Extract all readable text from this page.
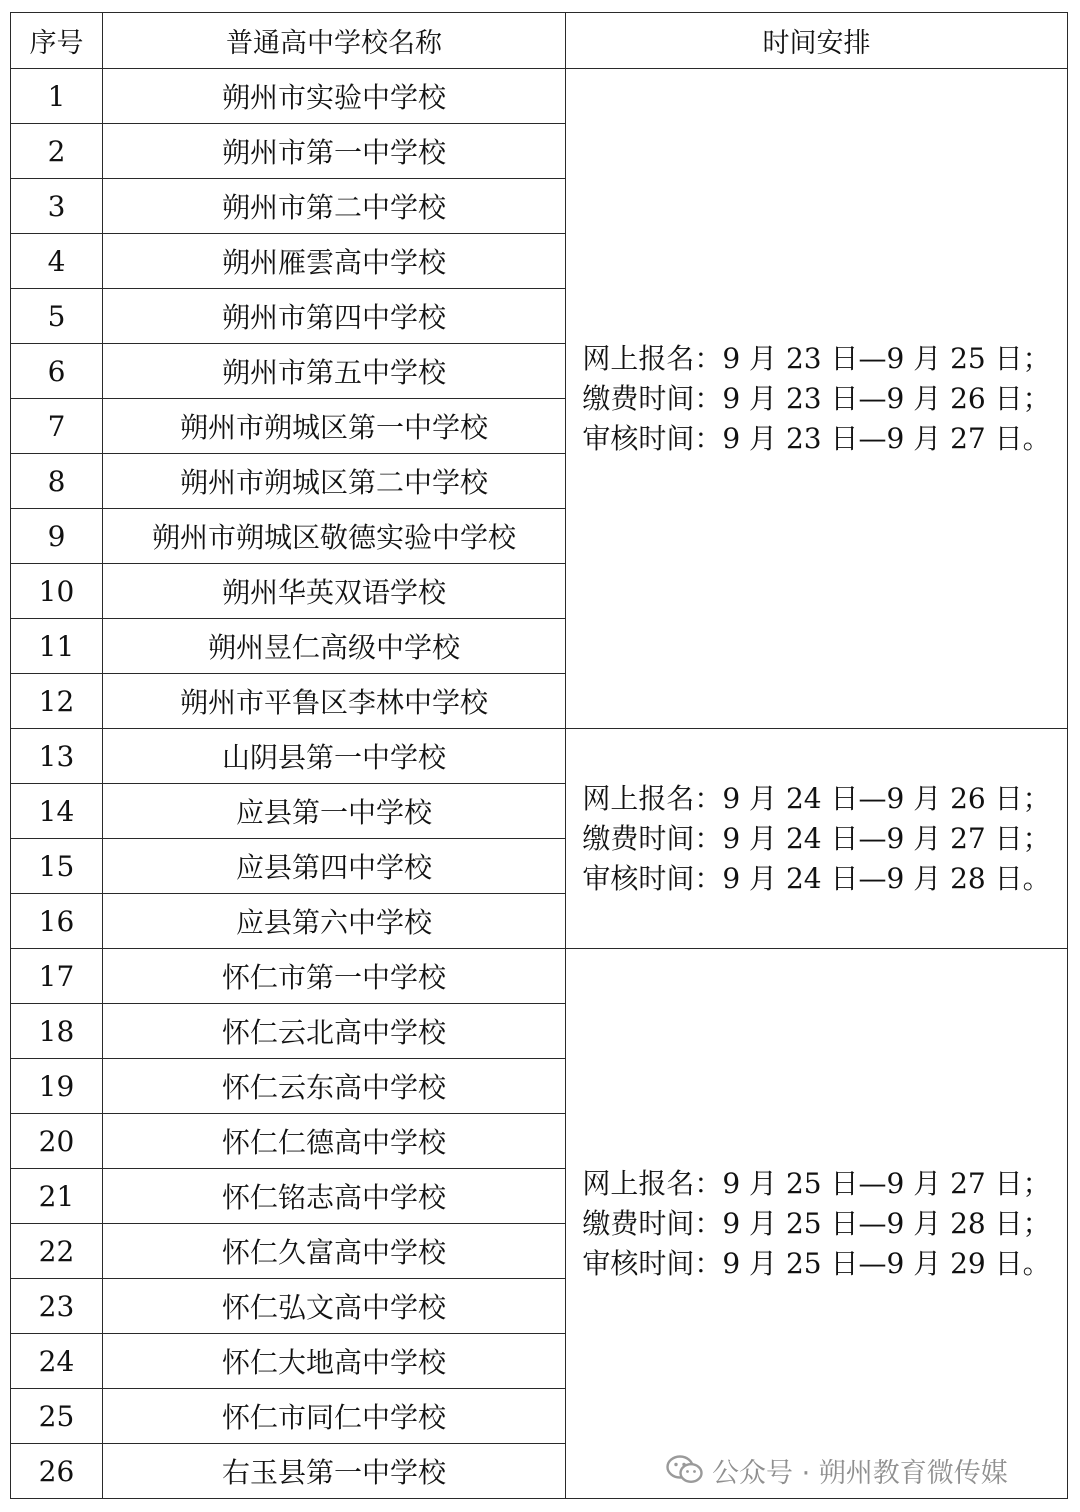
序号	普通高中学校名称	时间安排
1	朔州市实验中学校	网上报名：9 月 23 日—9 月 25 日；
缴费时间：9 月 23 日—9 月 26 日；
审核时间：9 月 23 日—9 月 27 日。

2	朔州市第一中学校	
3	朔州市第二中学校	
4	朔州雁雲高中学校	
5	朔州市第四中学校	
6	朔州市第五中学校	
7	朔州市朔城区第一中学校	
8	朔州市朔城区第二中学校	
9	朔州市朔城区敬德实验中学校	
10	朔州华英双语学校	
11	朔州昱仁高级中学校	
12	朔州市平鲁区李林中学校	
13	山阴县第一中学校	网上报名：9 月 24 日—9 月 26 日；
缴费时间：9 月 24 日—9 月 27 日；
审核时间：9 月 24 日—9 月 28 日。

14	应县第一中学校	
15	应县第四中学校	
16	应县第六中学校	
17	怀仁市第一中学校	网上报名：9 月 25 日—9 月 27 日；
缴费时间：9 月 25 日—9 月 28 日；
审核时间：9 月 25 日—9 月 29 日。

18	怀仁云北高中学校	
19	怀仁云东高中学校	
20	怀仁仁德高中学校	
21	怀仁铭志高中学校	
22	怀仁久富高中学校	
23	怀仁弘文高中学校	
24	怀仁大地高中学校	
25	怀仁市同仁中学校	
26	右玉县第一中学校		公众号 · 朔州教育微传媒
